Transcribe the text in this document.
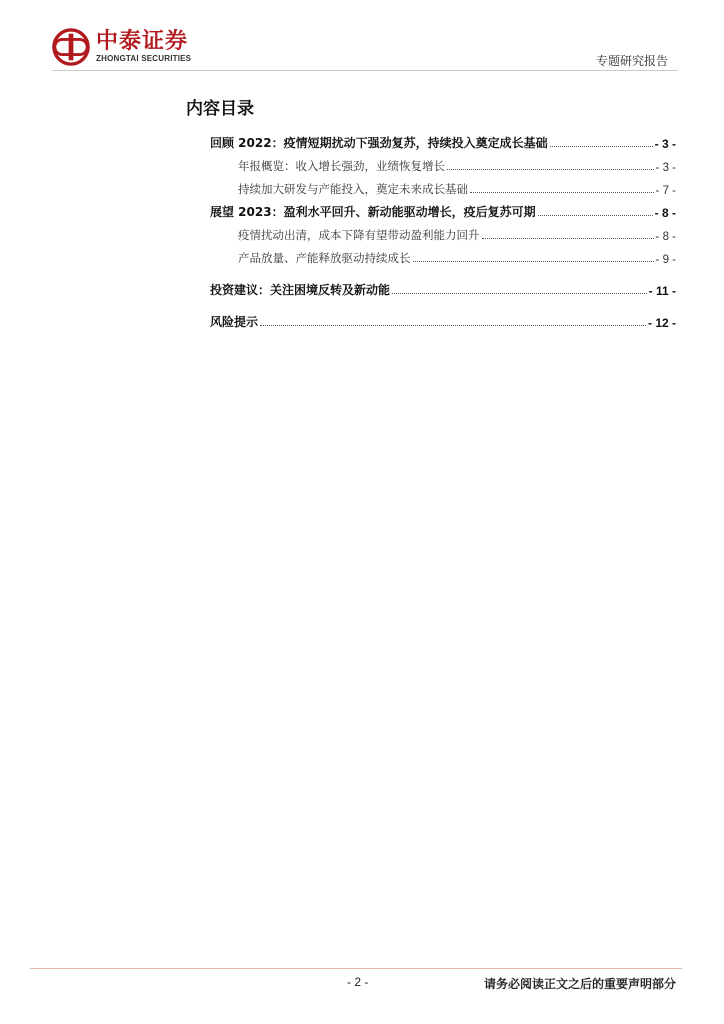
中泰证券
ZHONGTAI SECURITIES	专题研究报告
内容目录
回顾 2022：疫情短期扰动下强劲复苏，持续投入奠定成长基础	- 3 -
年报概览：收入增长强劲，业绩恢复增长	- 3 -
持续加大研发与产能投入，奠定未来成长基础	- 7 -
展望 2023：盈利水平回升、新动能驱动增长，疫后复苏可期	- 8 -
疫情扰动出清，成本下降有望带动盈利能力回升	- 8 -
产品放量、产能释放驱动持续成长	- 9 -
投资建议：关注困境反转及新动能	- 11 -
风险提示	- 12 -
- 2 -	请务必阅读正文之后的重要声明部分
